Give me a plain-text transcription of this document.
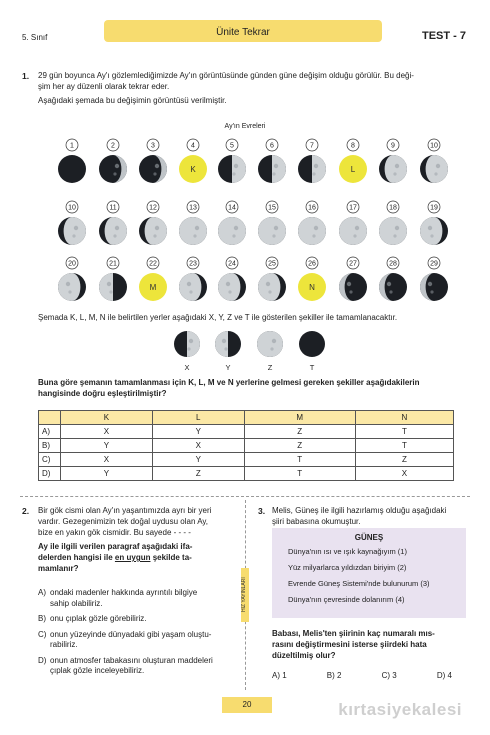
5. Sınıf	Ünite Tekrar	TEST - 7
1. 29 gün boyunca Ay'ı gözlemlediğimizde Ay'ın görüntüsünde günden güne değişim olduğu görülür. Bu deği-
şim her ay düzenli olarak tekrar eder.
Aşağıdaki şemada bu değişimin görüntüsü verilmiştir.
Ay'ın Evreleri
1	2	3	4
K
5	6	7	8
L
9	10
10	11	12	13	14	15	16	17	18	19
20	21	22
M
23	24	25	26
N
27	28	29
Şemada K, L, M, N ile belirtilen yerler aşağıdaki X, Y, Z ve T ile gösterilen şekiller ile tamamlanacaktır.
X	Y	Z	T
Buna göre şemanın tamamlanması için K, L, M ve N yerlerine gelmesi gereken şekiller aşağıdakilerin
hangisinde doğru eşleştirilmiştir?
	K	L	M	N
A)	X	Y	Z	T
B)	Y	X	Z	T
C)	X	Y	T	Z
D)	Y	Z	T	X
2. Bir gök cismi olan Ay'ın yaşantımızda ayrı bir yeri
vardır. Gezegenimizin tek doğal uydusu olan Ay,
bize en yakın gök cismidir. Bu sayede - - - -
Ay ile ilgili verilen paragraf aşağıdaki ifa-
delerden hangisi ile en uygun şekilde ta-
mamlanır?
A) ondaki madenler hakkında ayrıntılı bilgiye
sahip olabiliriz.
B) onu çıplak gözle görebiliriz.
C) onun yüzeyinde dünyadaki gibi yaşam oluştu-
rabiliriz.
D) onun atmosfer tabakasını oluşturan maddeleri
çıplak gözle inceleyebiliriz.
3. Melis, Güneş ile ilgili hazırlamış olduğu aşağıdaki
şiiri babasına okumuştur.
GÜNEŞ
Dünya'nın ısı ve ışık kaynağıyım (1)
Yüz milyarlarca yıldızdan biriyim (2)
Evrende Güneş Sistemi'nde bulunurum (3)
Dünya'nın çevresinde dolanırım (4)
HIZ YAYINLARI
Babası, Melis'ten şiirinin kaç numaralı mıs-
rasını değiştirmesini isterse şiirdeki hata
düzeltilmiş olur?
A) 1	B) 2	C) 3	D) 4
20	kırtasiyekalesi
